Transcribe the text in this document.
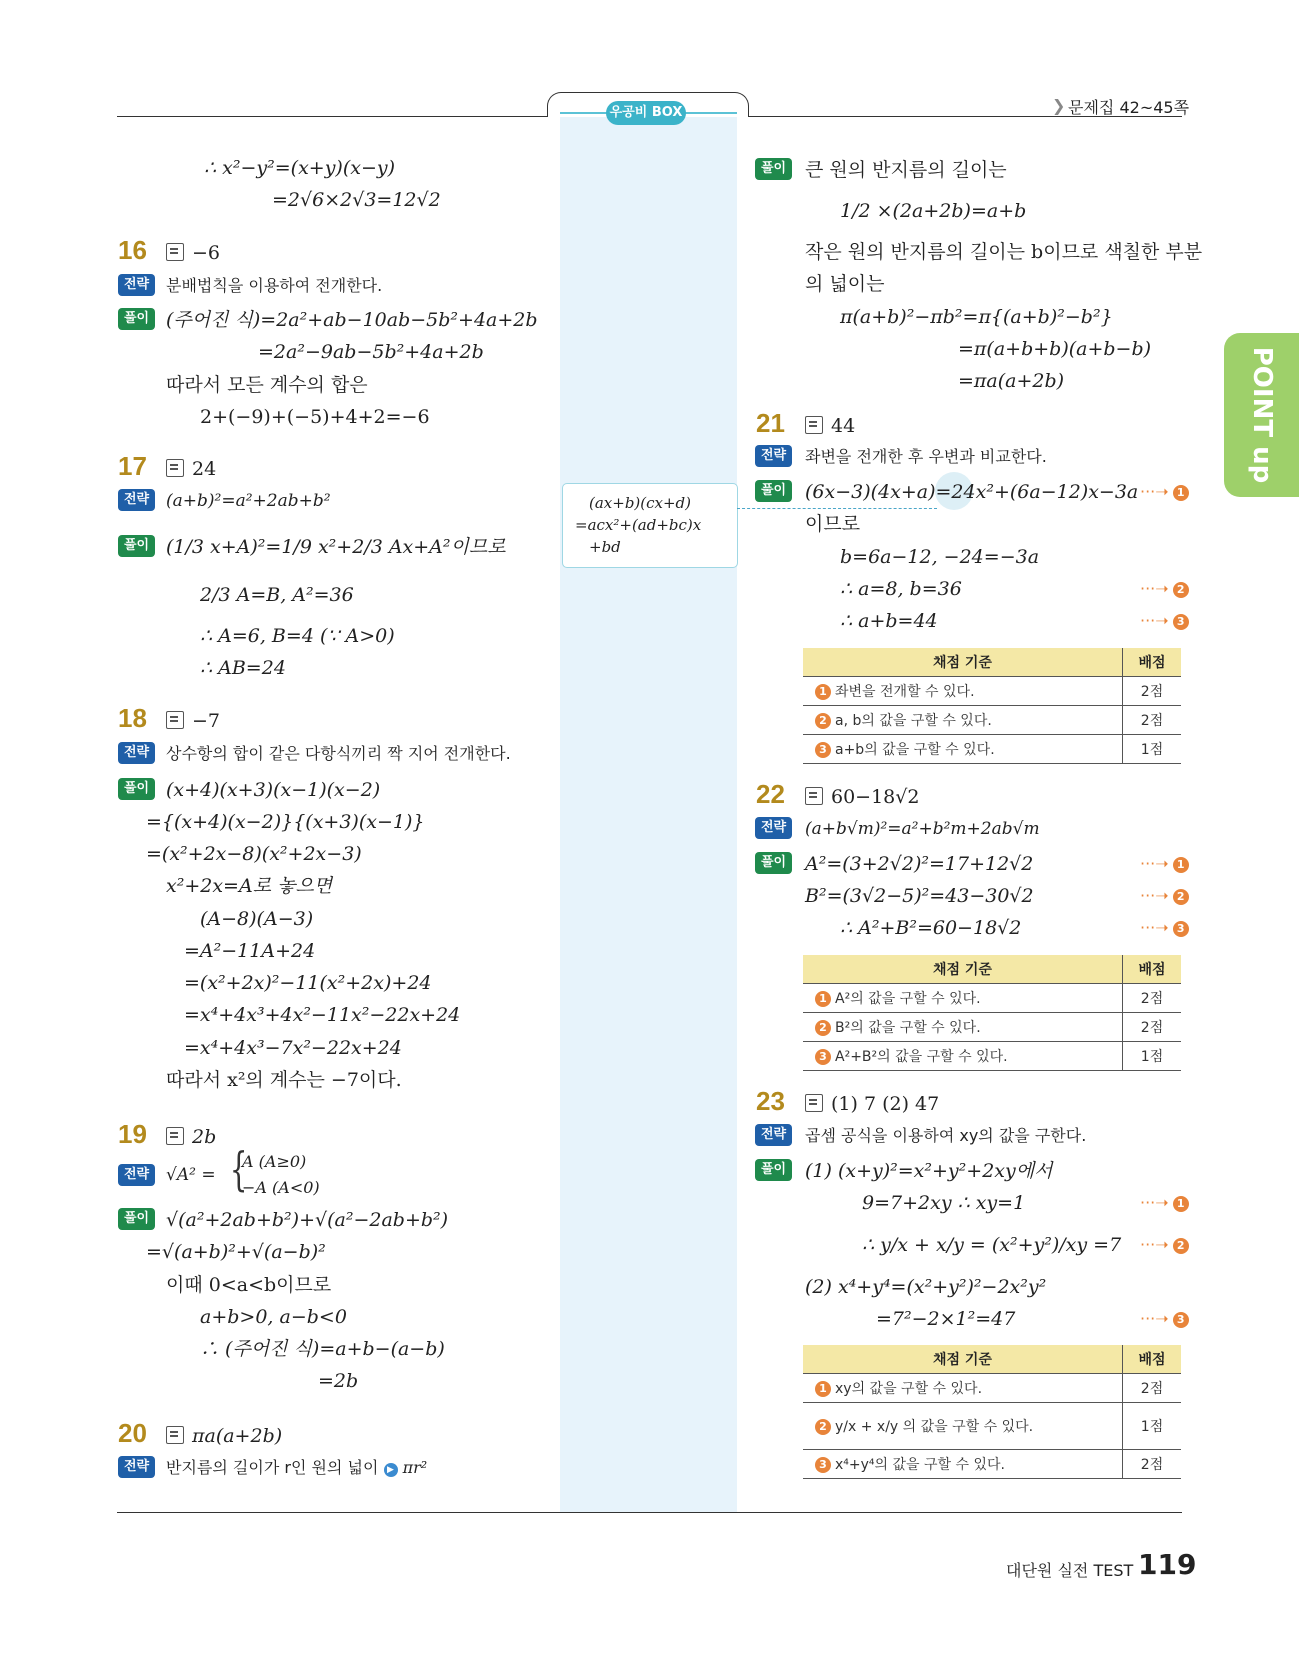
우공비 BOX	❯ 문제집 42~45쪽
POINT up
(ax+b)(cx+d)
=acx²+(ad+bc)x
+bd
∴ x²−y²=(x+y)(x−y)
=2√6×2√3=12√2
16	−6
전략	분배법칙을 이용하여 전개한다.
풀이 (주어진 식)=2a²+ab−10ab−5b²+4a+2b
=2a²−9ab−5b²+4a+2b
따라서 모든 계수의 합은
2+(−9)+(−5)+4+2=−6
17	24
전략 (a+b)²=a²+2ab+b²
풀이 (1/3 x+A)²=1/9 x²+2/3 Ax+A²이므로
2/3 A=B, A²=36
∴ A=6, B=4 (∵ A>0)
∴ AB=24
18	−7
전략	상수항의 합이 같은 다항식끼리 짝 지어 전개한다.
풀이 (x+4)(x+3)(x−1)(x−2)
={(x+4)(x−2)}{(x+3)(x−1)}
=(x²+2x−8)(x²+2x−3)
x²+2x=A로 놓으면
(A−8)(A−3)
=A²−11A+24
=(x²+2x)²−11(x²+2x)+24
=x⁴+4x³+4x²−11x²−22x+24
=x⁴+4x³−7x²−22x+24
따라서 x²의 계수는 −7이다.
19	2b
전략 √A² = {
A (A≥0)
−A (A<0)
풀이 √(a²+2ab+b²)+√(a²−2ab+b²)
=√(a+b)²+√(a−b)²
이때 0<a<b이므로
a+b>0, a−b<0
∴ (주어진 식)=a+b−(a−b)
=2b
20	πa(a+2b)
전략	반지름의 길이가 r인 원의 넓이 ▶ πr²
풀이 큰 원의 반지름의 길이는
1/2 ×(2a+2b)=a+b
작은 원의 반지름의 길이는 b이므로 색칠한 부분
의 넓이는
π(a+b)²−πb²=π{(a+b)²−b²}
=π(a+b+b)(a+b−b)
=πa(a+2b)
21	44
전략	좌변을 전개한 후 우변과 비교한다.
풀이 (6x−3)(4x+a)=24x²+(6a−12)x−3a ···➝ 1
이므로
b=6a−12, −24=−3a
∴ a=8, b=36	···➝ 2
∴ a+b=44	···➝ 3
채점 기준	배점
1 좌변을 전개할 수 있다.	2점
2 a, b의 값을 구할 수 있다.	2점
3 a+b의 값을 구할 수 있다.	1점
22	60−18√2
전략	(a+b√m)²=a²+b²m+2ab√m
풀이 A²=(3+2√2)²=17+12√2	···➝ 1
B²=(3√2−5)²=43−30√2	···➝ 2
∴ A²+B²=60−18√2	···➝ 3
채점 기준	배점
1 A²의 값을 구할 수 있다.	2점
2 B²의 값을 구할 수 있다.	2점
3 A²+B²의 값을 구할 수 있다.	1점
23	(1) 7 (2) 47
전략	곱셈 공식을 이용하여 xy의 값을 구한다.
풀이 (1) (x+y)²=x²+y²+2xy에서
9=7+2xy ∴ xy=1	···➝ 1
∴ y/x + x/y = (x²+y²)/xy =7 ···➝ 2
(2) x⁴+y⁴=(x²+y²)²−2x²y²
=7²−2×1²=47	···➝ 3
채점 기준	배점
1 xy의 값을 구할 수 있다.	2점
2 y/x + x/y 의 값을 구할 수 있다.	1점
3 x⁴+y⁴의 값을 구할 수 있다.	2점
대단원 실전 TEST 119
